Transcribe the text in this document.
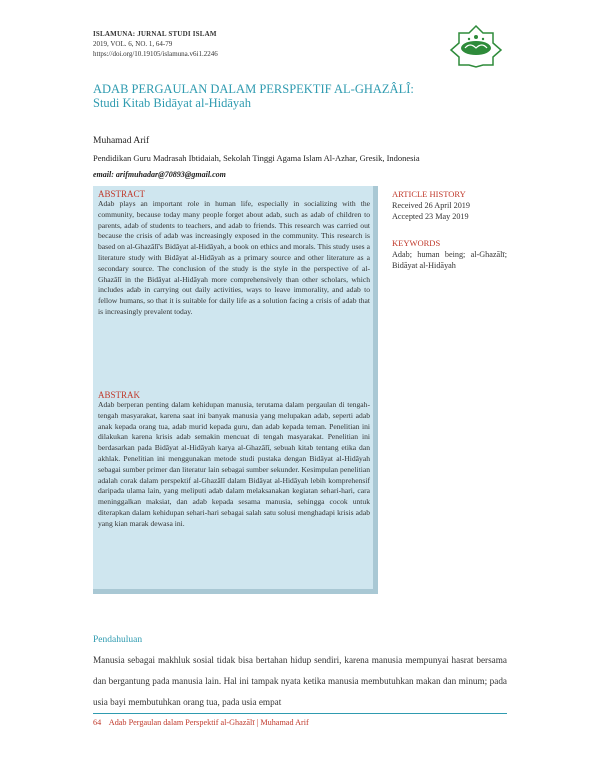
ISLAMUNA: JURNAL STUDI ISLAM
2019, VOL. 6, NO. 1, 64-79
https://doi.org/10.19105/islamuna.v6i1.2246
ADAB PERGAULAN DALAM PERSPEKTIF AL-GHAZÂLÎ:
Studi Kitab Bidāyat al-Hidāyah
Muhamad Arif
Pendidikan Guru Madrasah Ibtidaiah, Sekolah Tinggi Agama Islam Al-Azhar, Gresik, Indonesia
email: arifmuhadar@70893@gmail.com
ABSTRACT
Adab plays an important role in human life, especially in socializing with the community, because today many people forget about adab, such as adab of children to parents, adab of students to teachers, and adab to friends. This research was carried out because the crisis of adab was increasingly exposed in the community. This research is based on al-Ghazālī's Bidāyat al-Hidāyah, a book on ethics and morals. This study uses a literature study with Bidāyat al-Hidāyah as a primary source and other literature as a secondary source. The conclusion of the study is the style in the perspective of al-Ghazālī in the Bidāyat al-Hidāyah more comprehensively than other scholars, which includes adab in carrying out daily activities, ways to leave immorality, and adab to fellow humans, so that it is suitable for daily life as a solution facing a crisis of adab that is increasingly prevalent today.
ABSTRAK
Adab berperan penting dalam kehidupan manusia, terutama dalam pergaulan di tengah-tengah masyarakat, karena saat ini banyak manusia yang melupakan adab, seperti adab anak kepada orang tua, adab murid kepada guru, dan adab kepada teman. Penelitian ini dilakukan karena krisis adab semakin mencuat di tengah masyarakat. Penelitian ini berdasarkan pada Bidāyat al-Hidāyah karya al-Ghazālī, sebuah kitab tentang etika dan akhlak. Penelitian ini menggunakan metode studi pustaka dengan Bidāyat al-Hidāyah sebagai sumber primer dan literatur lain sebagai sumber sekunder. Kesimpulan penelitian adalah corak dalam perspektif al-Ghazālī dalam Bidāyat al-Hidāyah lebih komprehensif daripada ulama lain, yang meliputi adab dalam melaksanakan kegiatan sehari-hari, cara meninggalkan maksiat, dan adab kepada sesama manusia, sehingga cocok untuk diterapkan dalam kehidupan sehari-hari sebagai salah satu solusi menghadapi krisis adab yang kian marak dewasa ini.
ARTICLE HISTORY
Received 26 April 2019
Accepted 23 May 2019
KEYWORDS
Adab; human being; al-Ghazālī; Bidāyat al-Hidāyah
Pendahuluan
Manusia sebagai makhluk sosial tidak bisa bertahan hidup sendiri, karena manusia mempunyai hasrat bersama dan bergantung pada manusia lain. Hal ini tampak nyata ketika manusia membutuhkan makan dan minum; pada usia bayi membutuhkan orang tua, pada usia empat
64 Adab Pergaulan dalam Perspektif al-Ghazālī | Muhamad Arif
